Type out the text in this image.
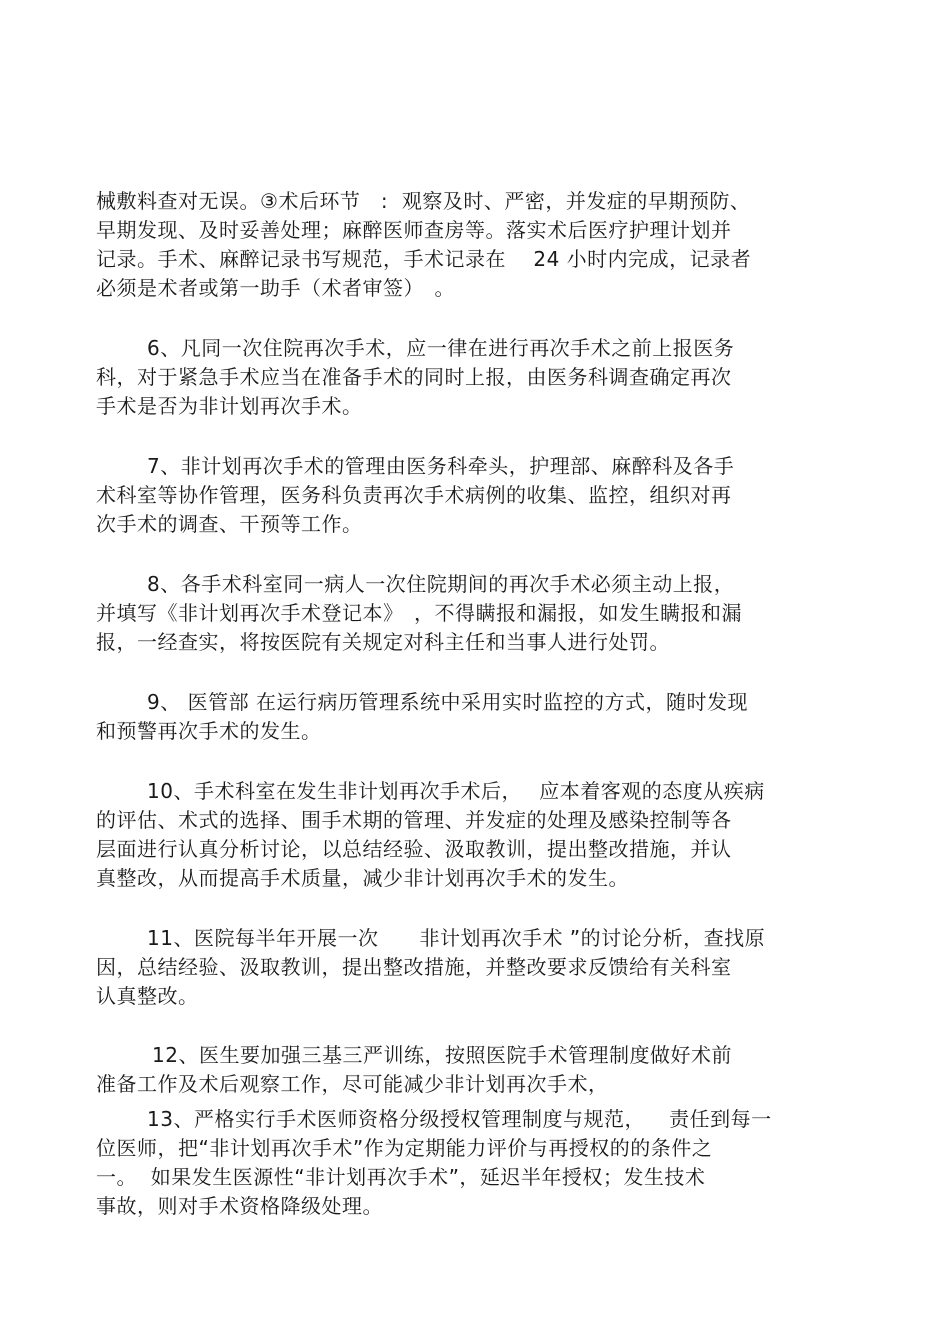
械敷料查对无误。③术后环节　:  观察及时、严密，并发症的早期预防、
早期发现、及时妥善处理；麻醉医师查房等。落实术后医疗护理计划并
记录。手术、麻醉记录书写规范，手术记录在　 24 小时内完成，记录者
必须是术者或第一助手（术者审签）　。
6、凡同一次住院再次手术，应一律在进行再次手术之前上报医务
科，对于紧急手术应当在准备手术的同时上报，由医务科调查确定再次
手术是否为非计划再次手术。
7、非计划再次手术的管理由医务科牵头，护理部、麻醉科及各手
术科室等协作管理，医务科负责再次手术病例的收集、监控，组织对再
次手术的调查、干预等工作。
8、各手术科室同一病人一次住院期间的再次手术必须主动上报，
并填写《非计划再次手术登记本》　，不得瞒报和漏报，如发生瞒报和漏
报，一经查实，将按医院有关规定对科主任和当事人进行处罚。
9、 医管部 在运行病历管理系统中采用实时监控的方式，随时发现
和预警再次手术的发生。
10、手术科室在发生非计划再次手术后，　 应本着客观的态度从疾病
的评估、术式的选择、围手术期的管理、并发症的处理及感染控制等各
层面进行认真分析讨论，以总结经验、汲取教训，提出整改措施，并认
真整改，从而提高手术质量，减少非计划再次手术的发生。
11、医院每半年开展一次　　非计划再次手术 ”的讨论分析，查找原
因，总结经验、汲取教训，提出整改措施，并整改要求反馈给有关科室
认真整改。
12、医生要加强三基三严训练，按照医院手术管理制度做好术前
准备工作及术后观察工作，尽可能减少非计划再次手术，
13、严格实行手术医师资格分级授权管理制度与规范，　  责任到每一
位医师，把“非计划再次手术”作为定期能力评价与再授权的的条件之
一。  如果发生医源性“非计划再次手术”，延迟半年授权；发生技术
事故，则对手术资格降级处理。
